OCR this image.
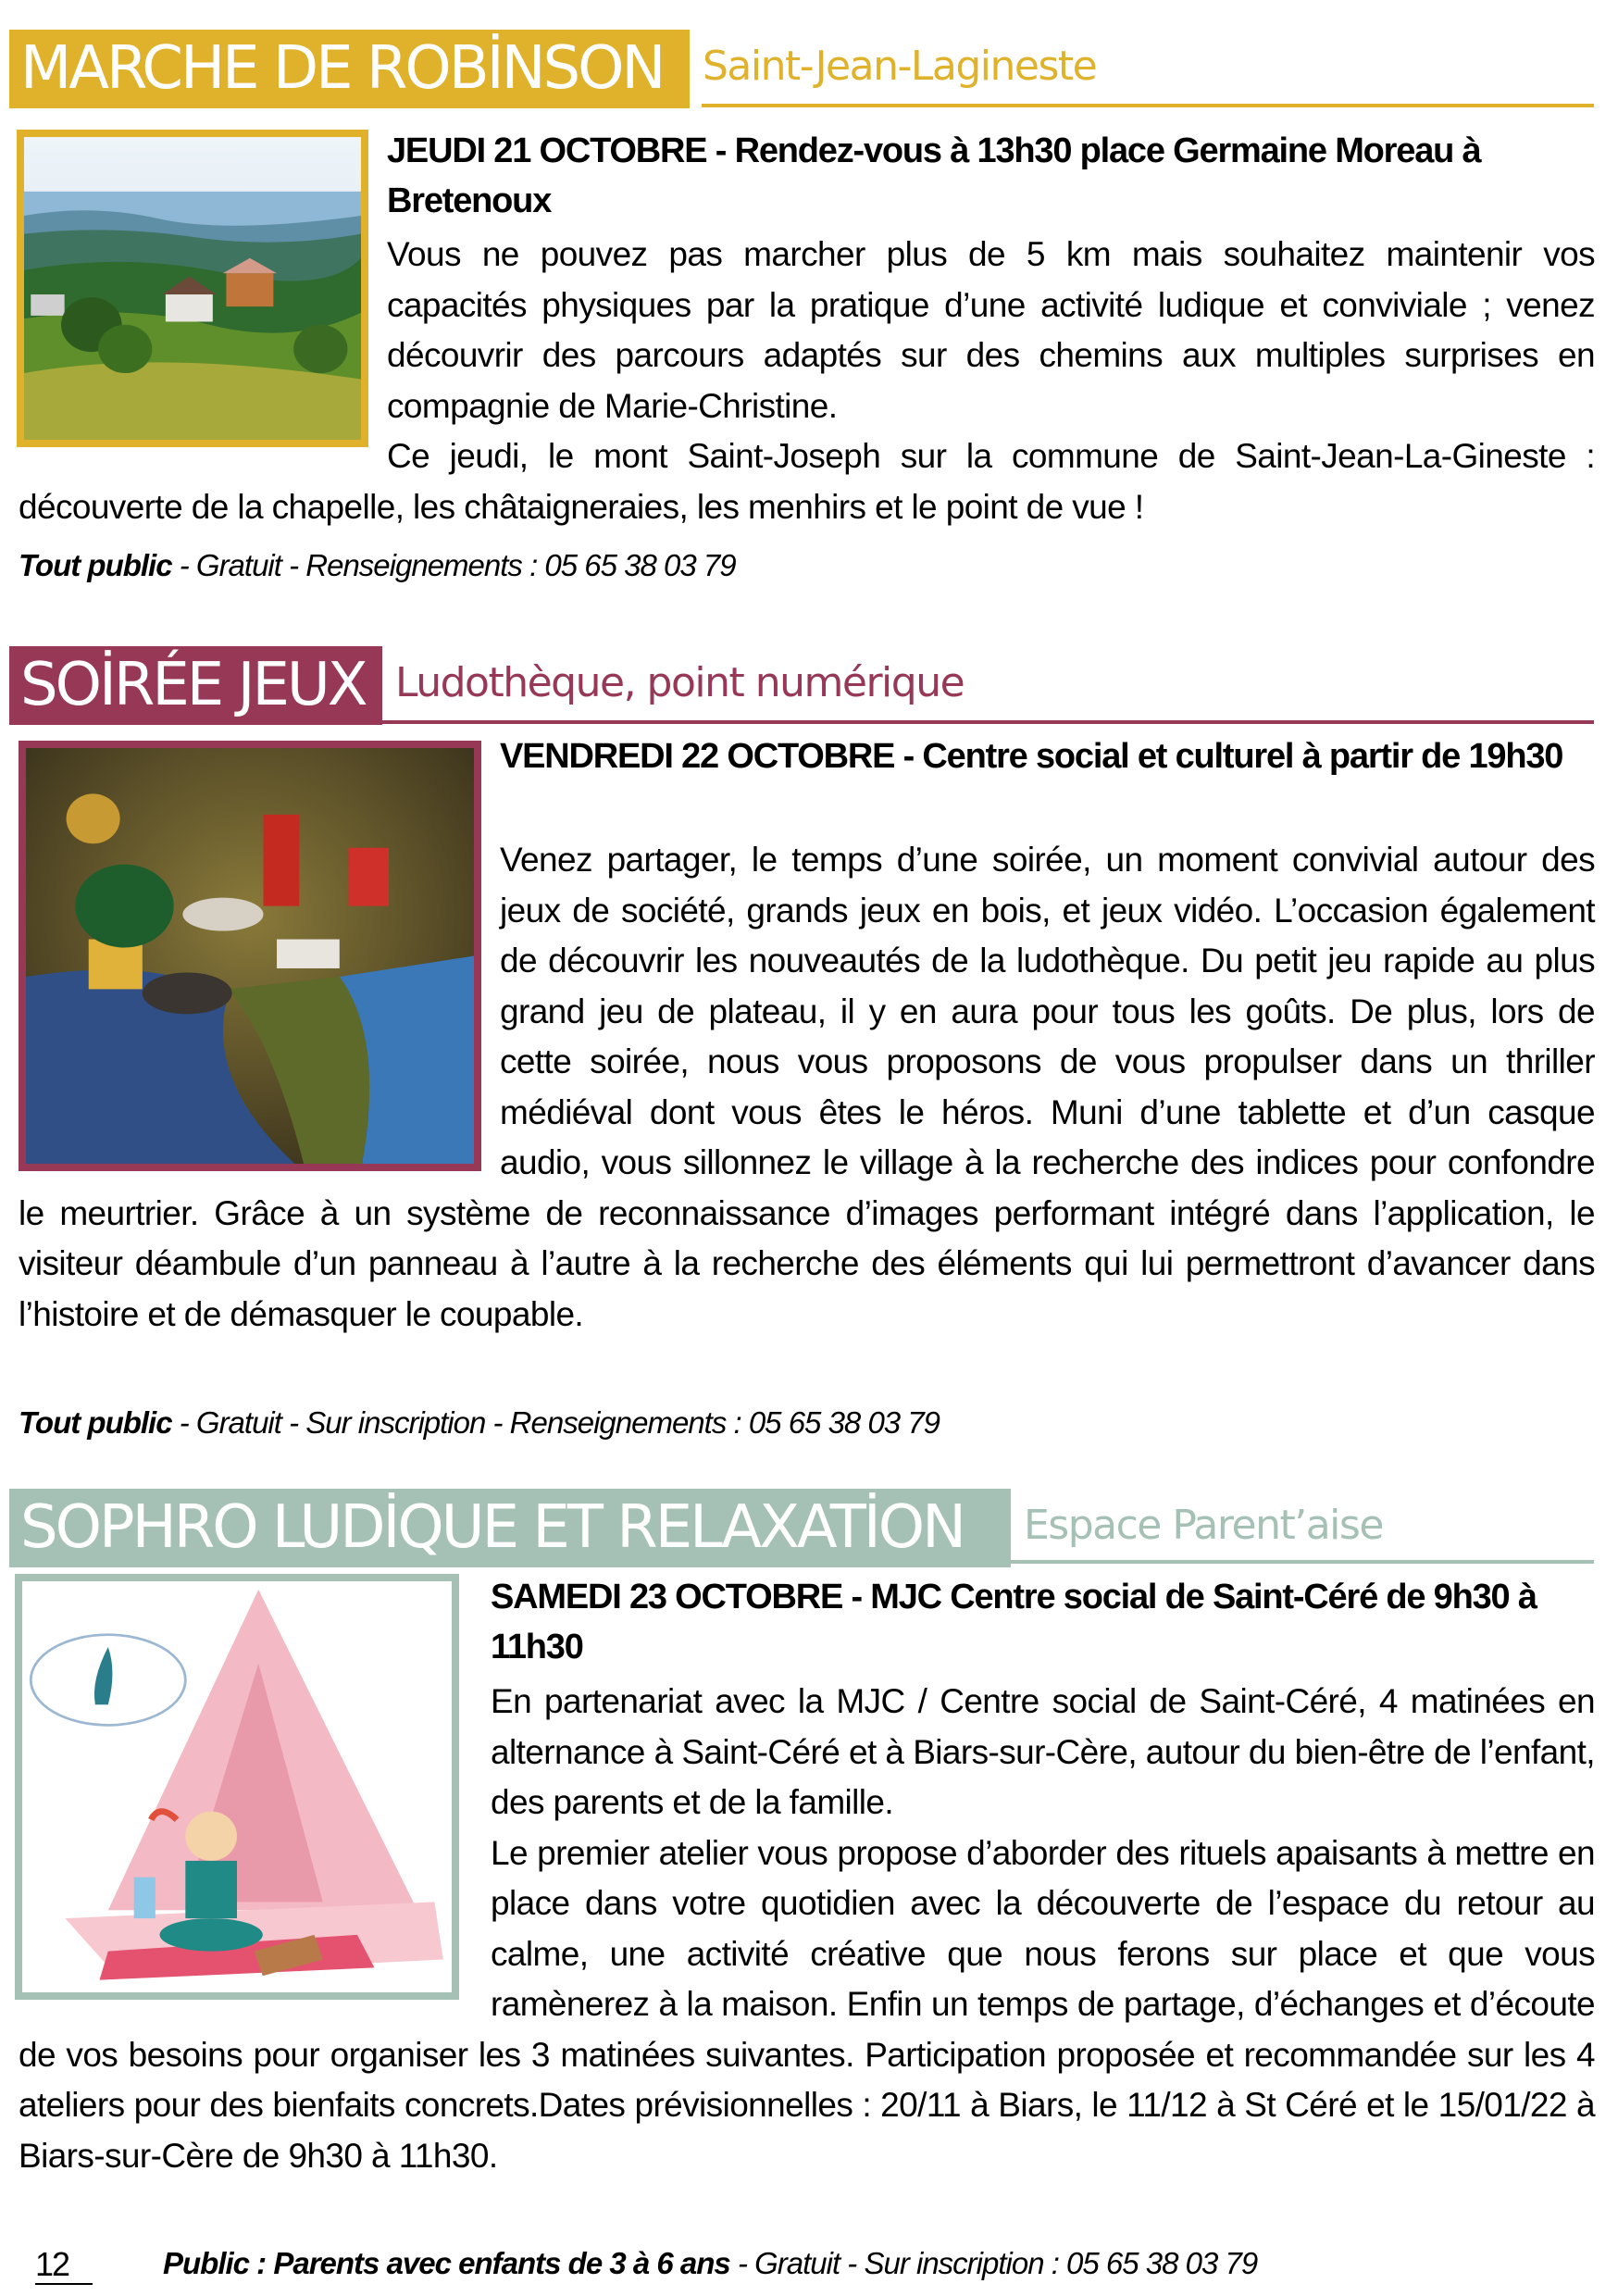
MARCHE DE ROBİNSON Saint-Jean-Lagineste
JEUDI 21 OCTOBRE - Rendez-vous à 13h30 place Germaine Moreau à Bretenoux

Vous ne pouvez pas marcher plus de 5 km mais souhaitez maintenir vos capacités physiques par la pratique d’une activité ludique et conviviale ; venez découvrir des parcours adaptés sur des chemins aux multiples surprises en compagnie de Marie-Christine.

Ce jeudi, le mont Saint-Joseph sur la commune de Saint-Jean-La-Gineste : découverte de la chapelle, les châtaigneraies, les menhirs et le point de vue !

Tout public - Gratuit - Renseignements : 05 65 38 03 79
SOİRÉE JEUX Ludothèque, point numérique
VENDREDI 22 OCTOBRE - Centre social et culturel à partir de 19h30

Venez partager, le temps d’une soirée, un moment convivial autour des jeux de société, grands jeux en bois, et jeux vidéo. L’occasion également de découvrir les nouveautés de la ludothèque. Du petit jeu rapide au plus grand jeu de plateau, il y en aura pour tous les goûts. De plus, lors de cette soirée, nous vous proposons de vous propulser dans un thriller médiéval dont vous êtes le héros. Muni d’une tablette et d’un casque audio, vous sillonnez le village à la recherche des indices pour confondre le meurtrier. Grâce à un système de reconnaissance d’images performant intégré dans l’application, le visiteur déambule d’un panneau à l’autre à la recherche des éléments qui lui permettront d’avancer dans l’histoire et de démasquer le coupable.

Tout public - Gratuit - Sur inscription - Renseignements : 05 65 38 03 79
SOPHRO LUDİQUE ET RELAXATİON	Espace Parent’aise
SAMEDI 23 OCTOBRE - MJC Centre social de Saint-Céré de 9h30 à 11h30

En partenariat avec la MJC / Centre social de Saint-Céré, 4 matinées en alternance à Saint-Céré et à Biars-sur-Cère, autour du bien-être de l’enfant, des parents et de la famille.

Le premier atelier vous propose d’aborder des rituels apaisants à mettre en place dans votre quotidien avec la découverte de l’espace du retour au calme, une activité créative que nous ferons sur place et que vous ramènerez à la maison. Enfin un temps de partage, d’échanges et d’écoute de vos besoins pour organiser les 3 matinées suivantes. Participation proposée et recommandée sur les 4 ateliers pour des bienfaits concrets.Dates prévisionnelles : 20/11 à Biars, le 11/12 à St Céré et le 15/01/22 à Biars-sur-Cère de 9h30 à 11h30.

12	Public : Parents avec enfants de 3 à 6 ans - Gratuit - Sur inscription : 05 65 38 03 79
